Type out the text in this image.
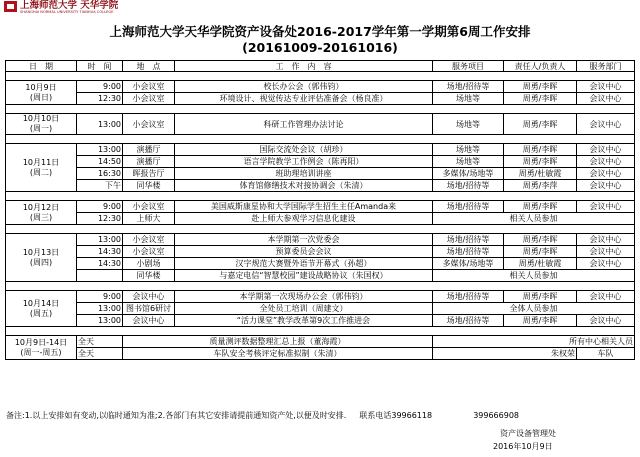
上海师范大学 天华学院
SHANGHAI NORMAL UNIVERSITY TIANHUA COLLEGE
上海师范大学天华学院资产设备处2016-2017学年第一学期第6周工作安排
(20161009-20161016)
日　期	时　间	地　点	工　作　内　容	服务项目	责任人/负责人	服务部门

10月9日
(周日)	9:00	小会议室	校长办公会（郭伟钧）	场地/招待等	周勇/李晖	会议中心
	12:30	小会议室	环境设计、视觉传达专业评估准备会（杨良准）	场地等	周勇/李晖	会议中心

10月10日
(周一)	13:00	小会议室	科研工作管理办法讨论	场地等	周勇/李晖	会议中心

10月11日
(周二)	13:00	演播厅	国际交流处会议（胡珍）	场地等	周勇/李晖	会议中心
	14:50	演播厅	语言学院教学工作例会（陈再阳）	场地等	周勇/李晖	会议中心
	16:30	晖报告厅	班助理培训讲座	多媒体/场地等	周勇/杜敏霞	会议中心
	下午	同华楼	体育馆修缮技术对接协调会（朱清）	场地/招待等	周勇/李萍	会议中心

10月12日
(周三)	9:00	小会议室	美国威斯康星协和大学国际学生招生主任Amanda来	场地/招待等	周勇/李晖	会议中心
	12:30	上师大	赴上师大参观学习信息化建设	相关人员参加		

10月13日
(周四)	13:00	小会议室	本学期第一次党委会	场地/招待等	周勇/李晖	会议中心
	14:30	小会议室	预算委员会会议	场地/招待等	周勇/李晖	会议中心
	14:30	小剧场	汉字规范大赛暨外语节开幕式（孙超）	多媒体/场地等	周勇/杜敏霞	会议中心
		同华楼	与嘉定电信“智慧校园”建设战略协议（朱国权）	相关人员参加		

10月14日
(周五)	9:00	会议中心	本学期第一次现场办公会（郭伟钧）	场地/招待等	周勇/李晖	会议中心
	13:00	图书馆6研讨	全处员工培训（周建文）	全体人员参加		
	13:00	会议中心	“活力课堂”教学改革第9次工作推进会	场地/招待等	周勇/李晖	会议中心

10月9日-14日
(周一-周五)	全天	质量测评数据整理汇总上报（董海霞）		所有中心相关人员		
	全天	车队安全考核评定标准拟制（朱清）		朱权荣		车队
备注:1.以上安排如有变动,以临时通知为准;2.各部门有其它安排请提前通知资产处,以便及时安排. 联系电话39966118	399666908
资产设备管理处
2016年10月9日
